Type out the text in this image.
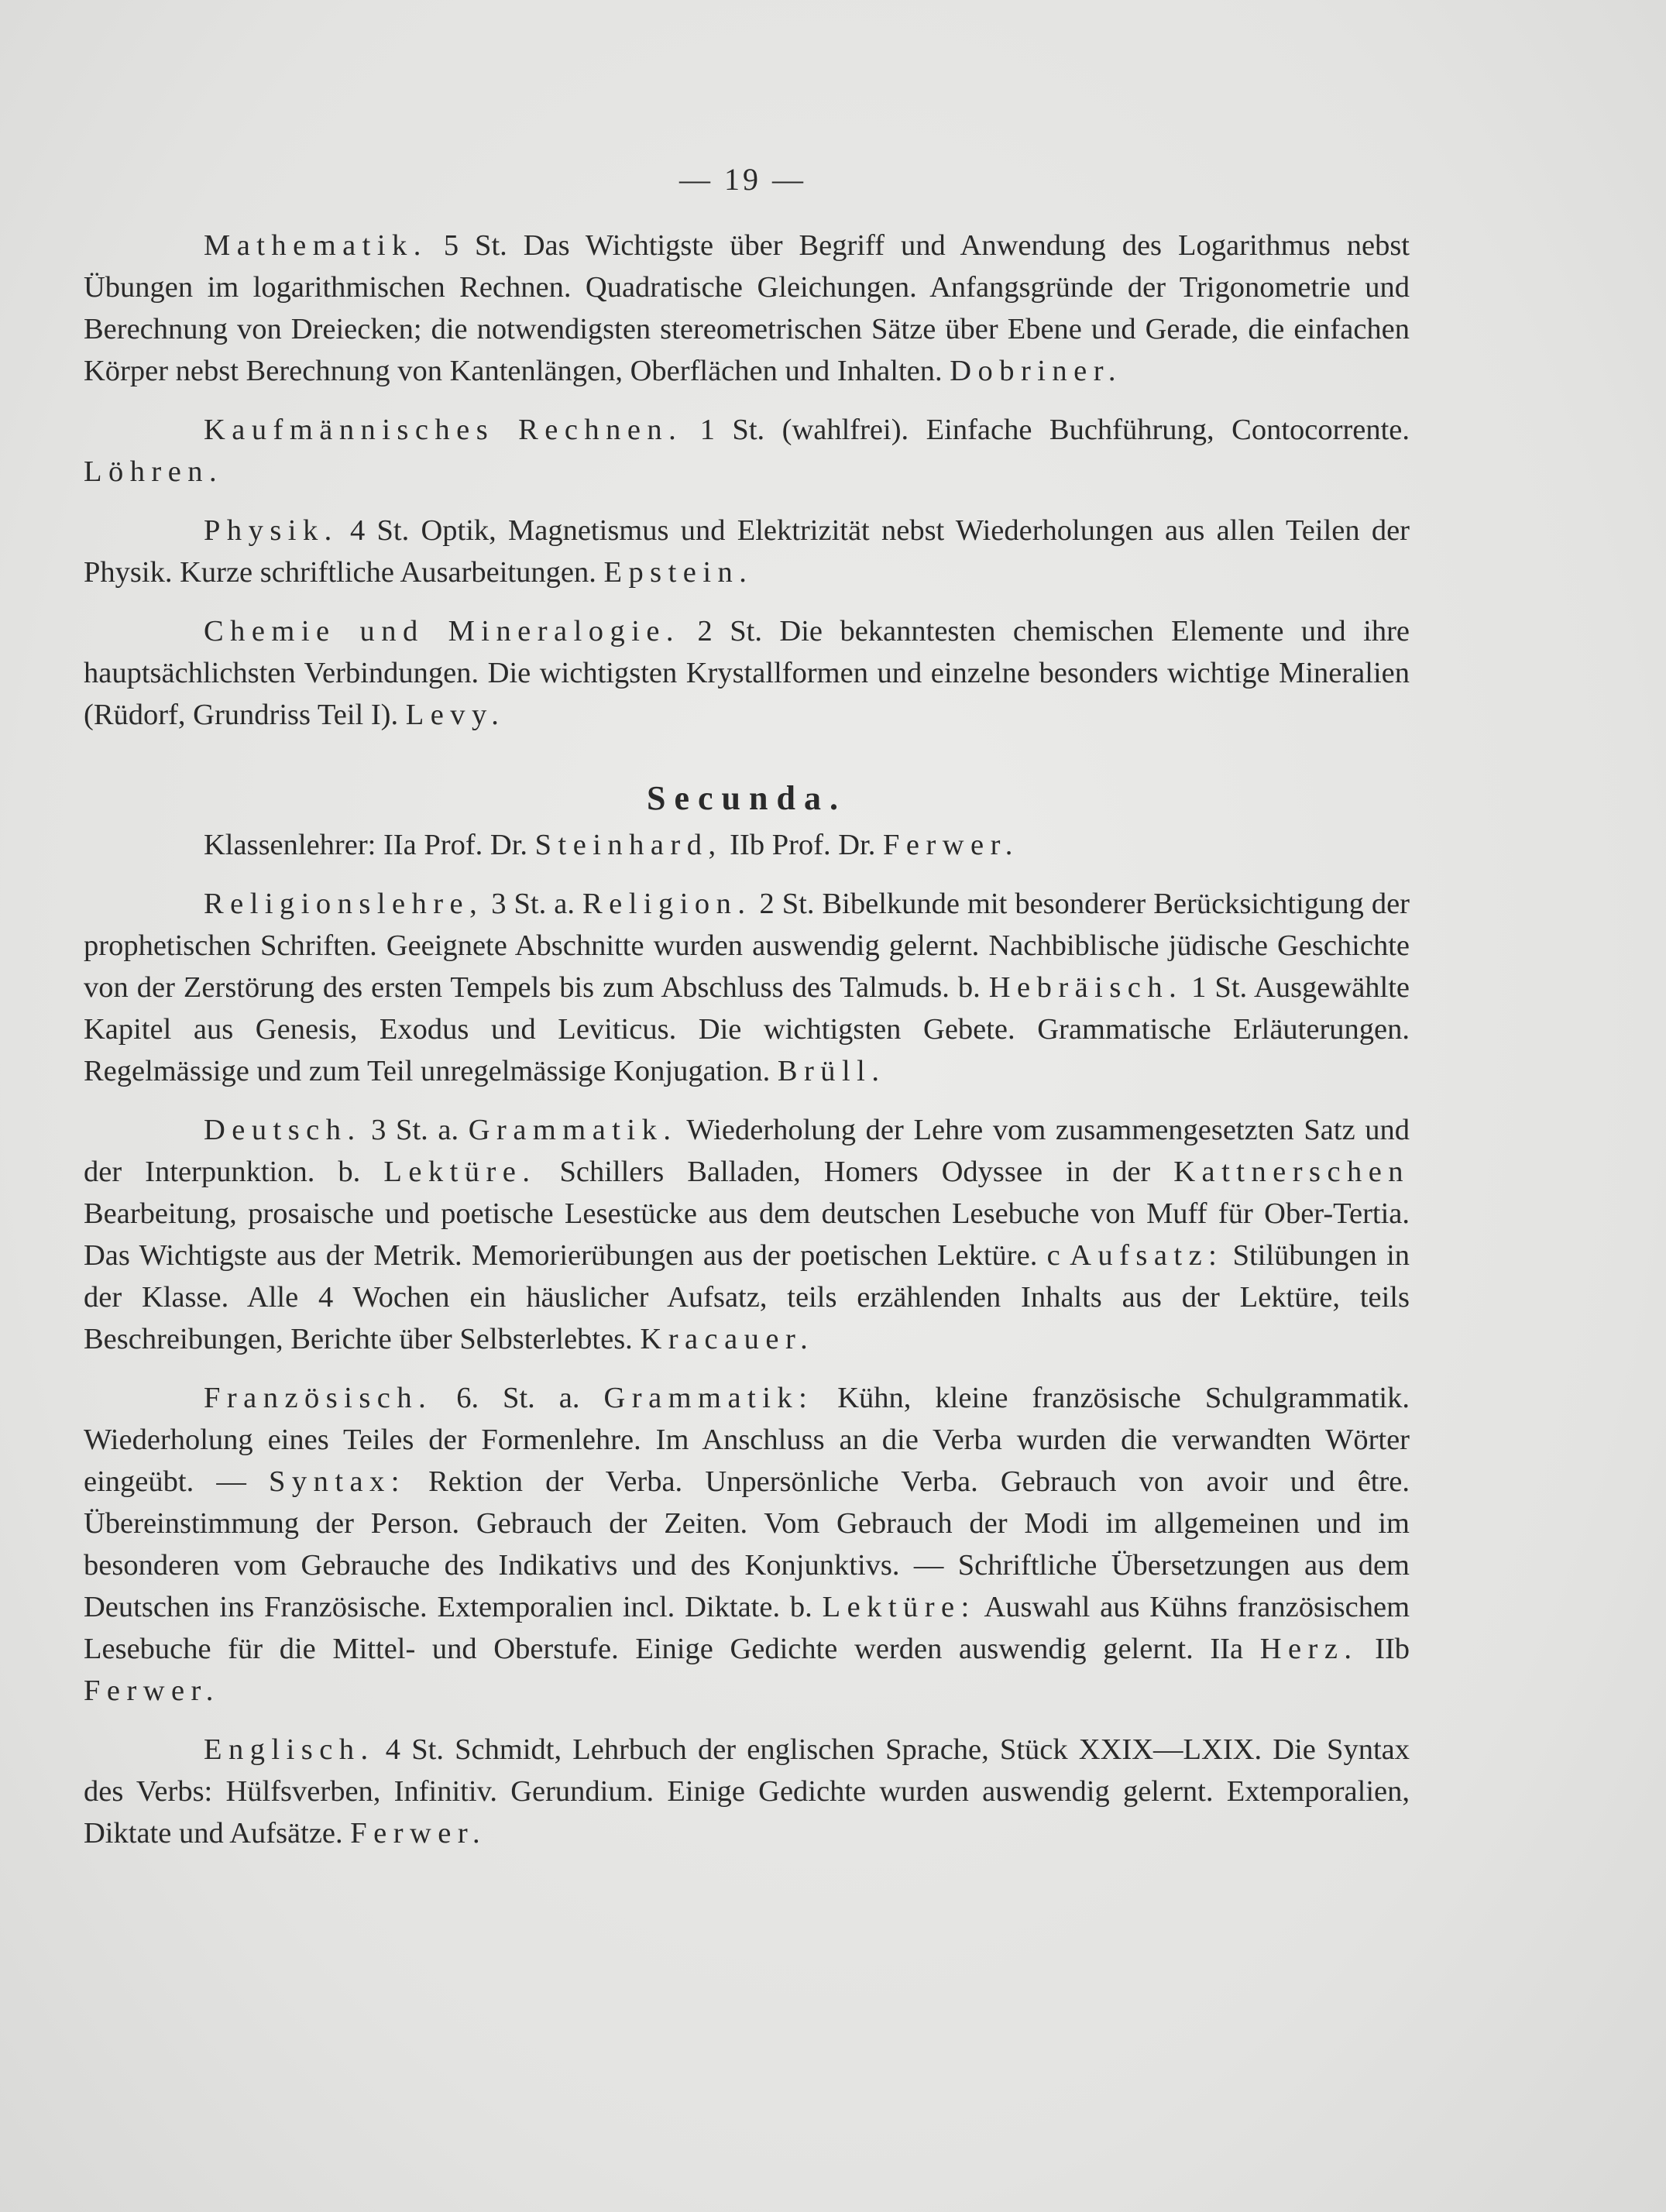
— 19 —

Mathematik. 5 St. Das Wichtigste über Begriff und Anwendung des Logarithmus nebst Übungen im logarithmischen Rechnen. Quadratische Gleichungen. Anfangsgründe der Trigonometrie und Berechnung von Dreiecken; die notwendigsten stereometrischen Sätze über Ebene und Gerade, die einfachen Körper nebst Berechnung von Kantenlängen, Oberflächen und Inhalten. Dobriner.

Kaufmännisches Rechnen. 1 St. (wahlfrei). Einfache Buchführung, Contocorrente. Löhren.

Physik. 4 St. Optik, Magnetismus und Elektrizität nebst Wiederholungen aus allen Teilen der Physik. Kurze schriftliche Ausarbeitungen. Epstein.

Chemie und Mineralogie. 2 St. Die bekanntesten chemischen Elemente und ihre hauptsächlichsten Verbindungen. Die wichtigsten Krystallformen und einzelne besonders wichtige Mineralien (Rüdorf, Grundriss Teil I). Levy.

Secunda.

Klassenlehrer: IIa Prof. Dr. Steinhard, IIb Prof. Dr. Ferwer.

Religionslehre, 3 St. a. Religion. 2 St. Bibelkunde mit besonderer Berücksichtigung der prophetischen Schriften. Geeignete Abschnitte wurden auswendig gelernt. Nachbiblische jüdische Geschichte von der Zerstörung des ersten Tempels bis zum Abschluss des Talmuds. b. Hebräisch. 1 St. Ausgewählte Kapitel aus Genesis, Exodus und Leviticus. Die wichtigsten Gebete. Grammatische Erläuterungen. Regelmässige und zum Teil unregelmässige Konjugation. Brüll.

Deutsch. 3 St. a. Grammatik. Wiederholung der Lehre vom zusammengesetzten Satz und der Interpunktion. b. Lektüre. Schillers Balladen, Homers Odyssee in der Kattnerschen Bearbeitung, prosaische und poetische Lesestücke aus dem deutschen Lesebuche von Muff für Ober-Tertia. Das Wichtigste aus der Metrik. Memorierübungen aus der poetischen Lektüre. c Aufsatz: Stilübungen in der Klasse. Alle 4 Wochen ein häuslicher Aufsatz, teils erzählenden Inhalts aus der Lektüre, teils Beschreibungen, Berichte über Selbsterlebtes. Kracauer.

Französisch. 6. St. a. Grammatik: Kühn, kleine französische Schulgrammatik. Wiederholung eines Teiles der Formenlehre. Im Anschluss an die Verba wurden die verwandten Wörter eingeübt. — Syntax: Rektion der Verba. Unpersönliche Verba. Gebrauch von avoir und être. Übereinstimmung der Person. Gebrauch der Zeiten. Vom Gebrauch der Modi im allgemeinen und im besonderen vom Gebrauche des Indikativs und des Konjunktivs. — Schriftliche Übersetzungen aus dem Deutschen ins Französische. Extemporalien incl. Diktate. b. Lektüre: Auswahl aus Kühns französischem Lesebuche für die Mittel- und Oberstufe. Einige Gedichte werden auswendig gelernt. IIa Herz. IIb Ferwer.

Englisch. 4 St. Schmidt, Lehrbuch der englischen Sprache, Stück XXIX—LXIX. Die Syntax des Verbs: Hülfsverben, Infinitiv. Gerundium. Einige Gedichte wurden auswendig gelernt. Extemporalien, Diktate und Aufsätze. Ferwer.
